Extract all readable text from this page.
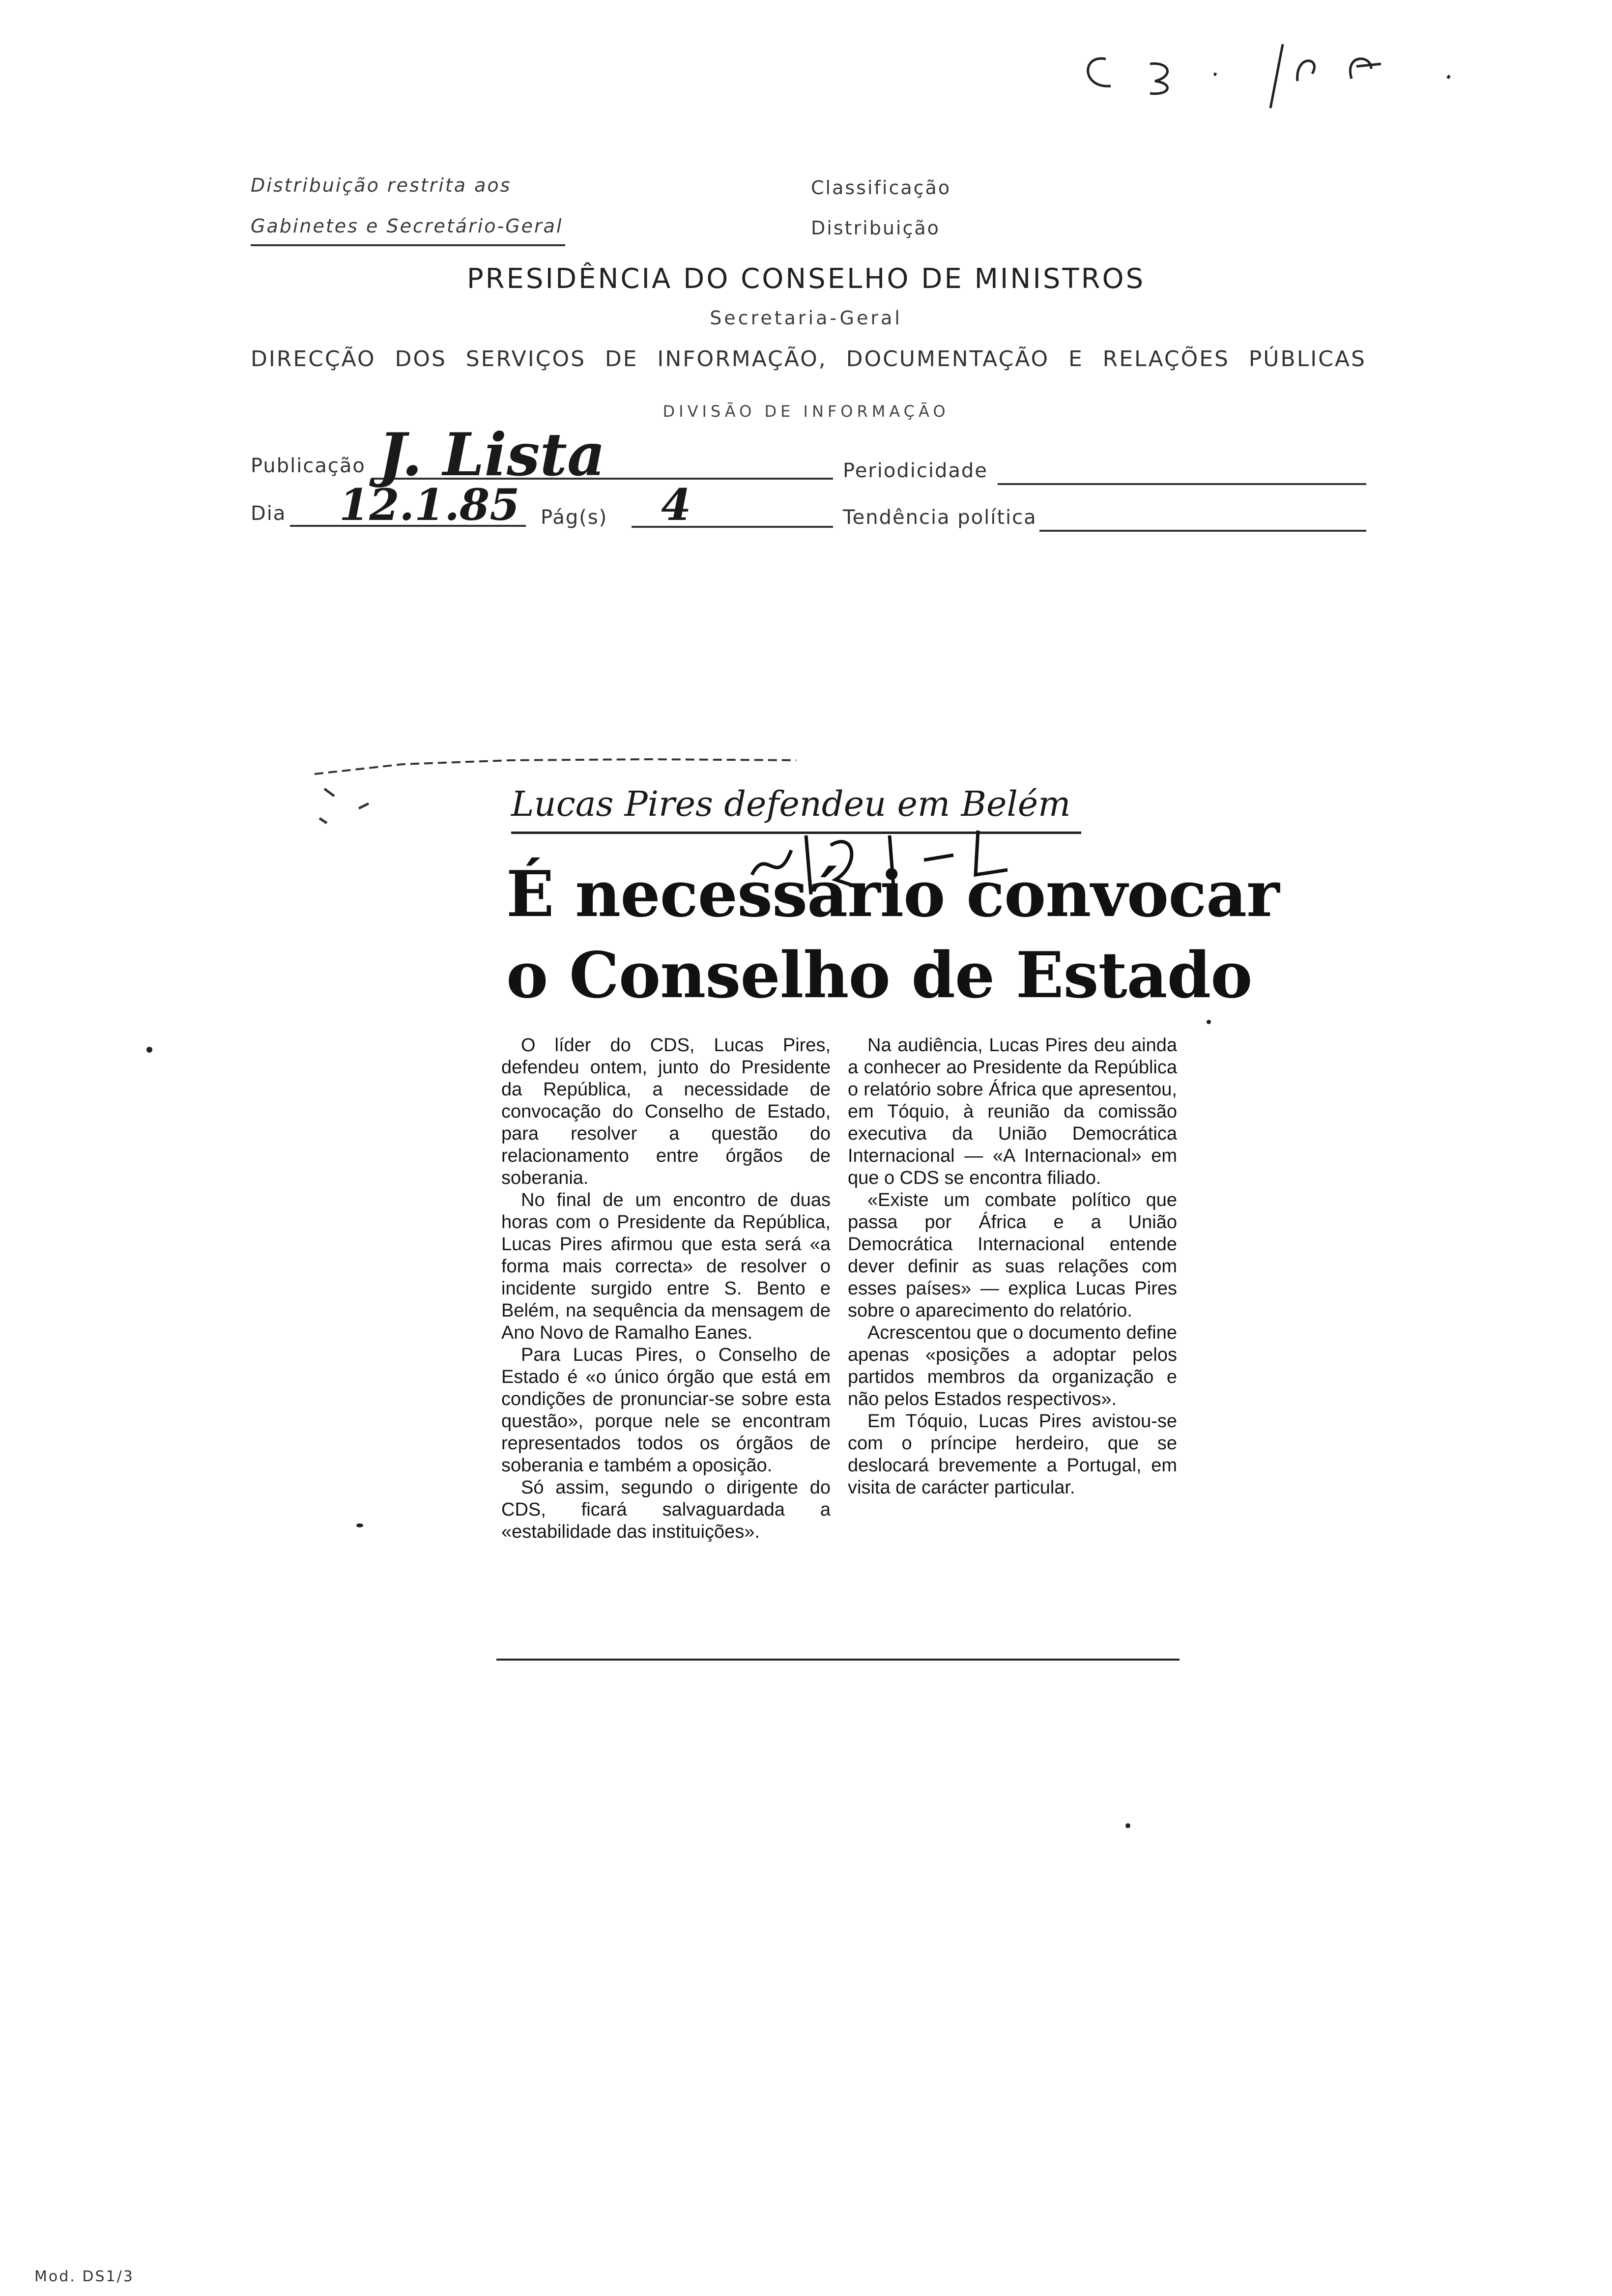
Distribuição restrita aos
Gabinetes e Secretário-Geral
Classificação
Distribuição
PRESIDÊNCIA DO CONSELHO DE MINISTROS
Secretaria-Geral
DIRECÇÃO DOS SERVIÇOS DE INFORMAÇÃO, DOCUMENTAÇÃO E RELAÇÕES PÚBLICAS
DIVISÃO DE INFORMAÇÃO
Publicação J. Lista	Periodicidade
Dia 12.1.85 Pág(s) 4	Tendência política
Lucas Pires defendeu em Belém
É necessário convocar
o Conselho de Estado

O líder do CDS, Lucas Pires, defendeu ontem, junto do Presidente da República, a necessidade de convocação do Conselho de Estado, para resolver a questão do relacionamento entre órgãos de soberania.

No final de um encontro de duas horas com o Presidente da República, Lucas Pires afirmou que esta será «a forma mais correcta» de resolver o incidente surgido entre S. Bento e Belém, na sequência da mensagem de Ano Novo de Ramalho Eanes.

Para Lucas Pires, o Conselho de Estado é «o único órgão que está em condições de pronunciar-se sobre esta questão», porque nele se encontram representados todos os órgãos de soberania e também a oposição.

Só assim, segundo o dirigente do CDS, ficará salvaguardada a «estabilidade das instituições».

Na audiência, Lucas Pires deu ainda a conhecer ao Presidente da República o relatório sobre África que apresentou, em Tóquio, à reunião da comissão executiva da União Democrática Internacional — «A Internacional» em que o CDS se encontra filiado.

«Existe um combate político que passa por África e a União Democrática Internacional entende dever definir as suas relações com esses países» — explica Lucas Pires sobre o aparecimento do relatório.

Acrescentou que o documento define apenas «posições a adoptar pelos partidos membros da organização e não pelos Estados respectivos».

Em Tóquio, Lucas Pires avistou-se com o príncipe herdeiro, que se deslocará brevemente a Portugal, em visita de carácter particular.

Mod. DS1/3
